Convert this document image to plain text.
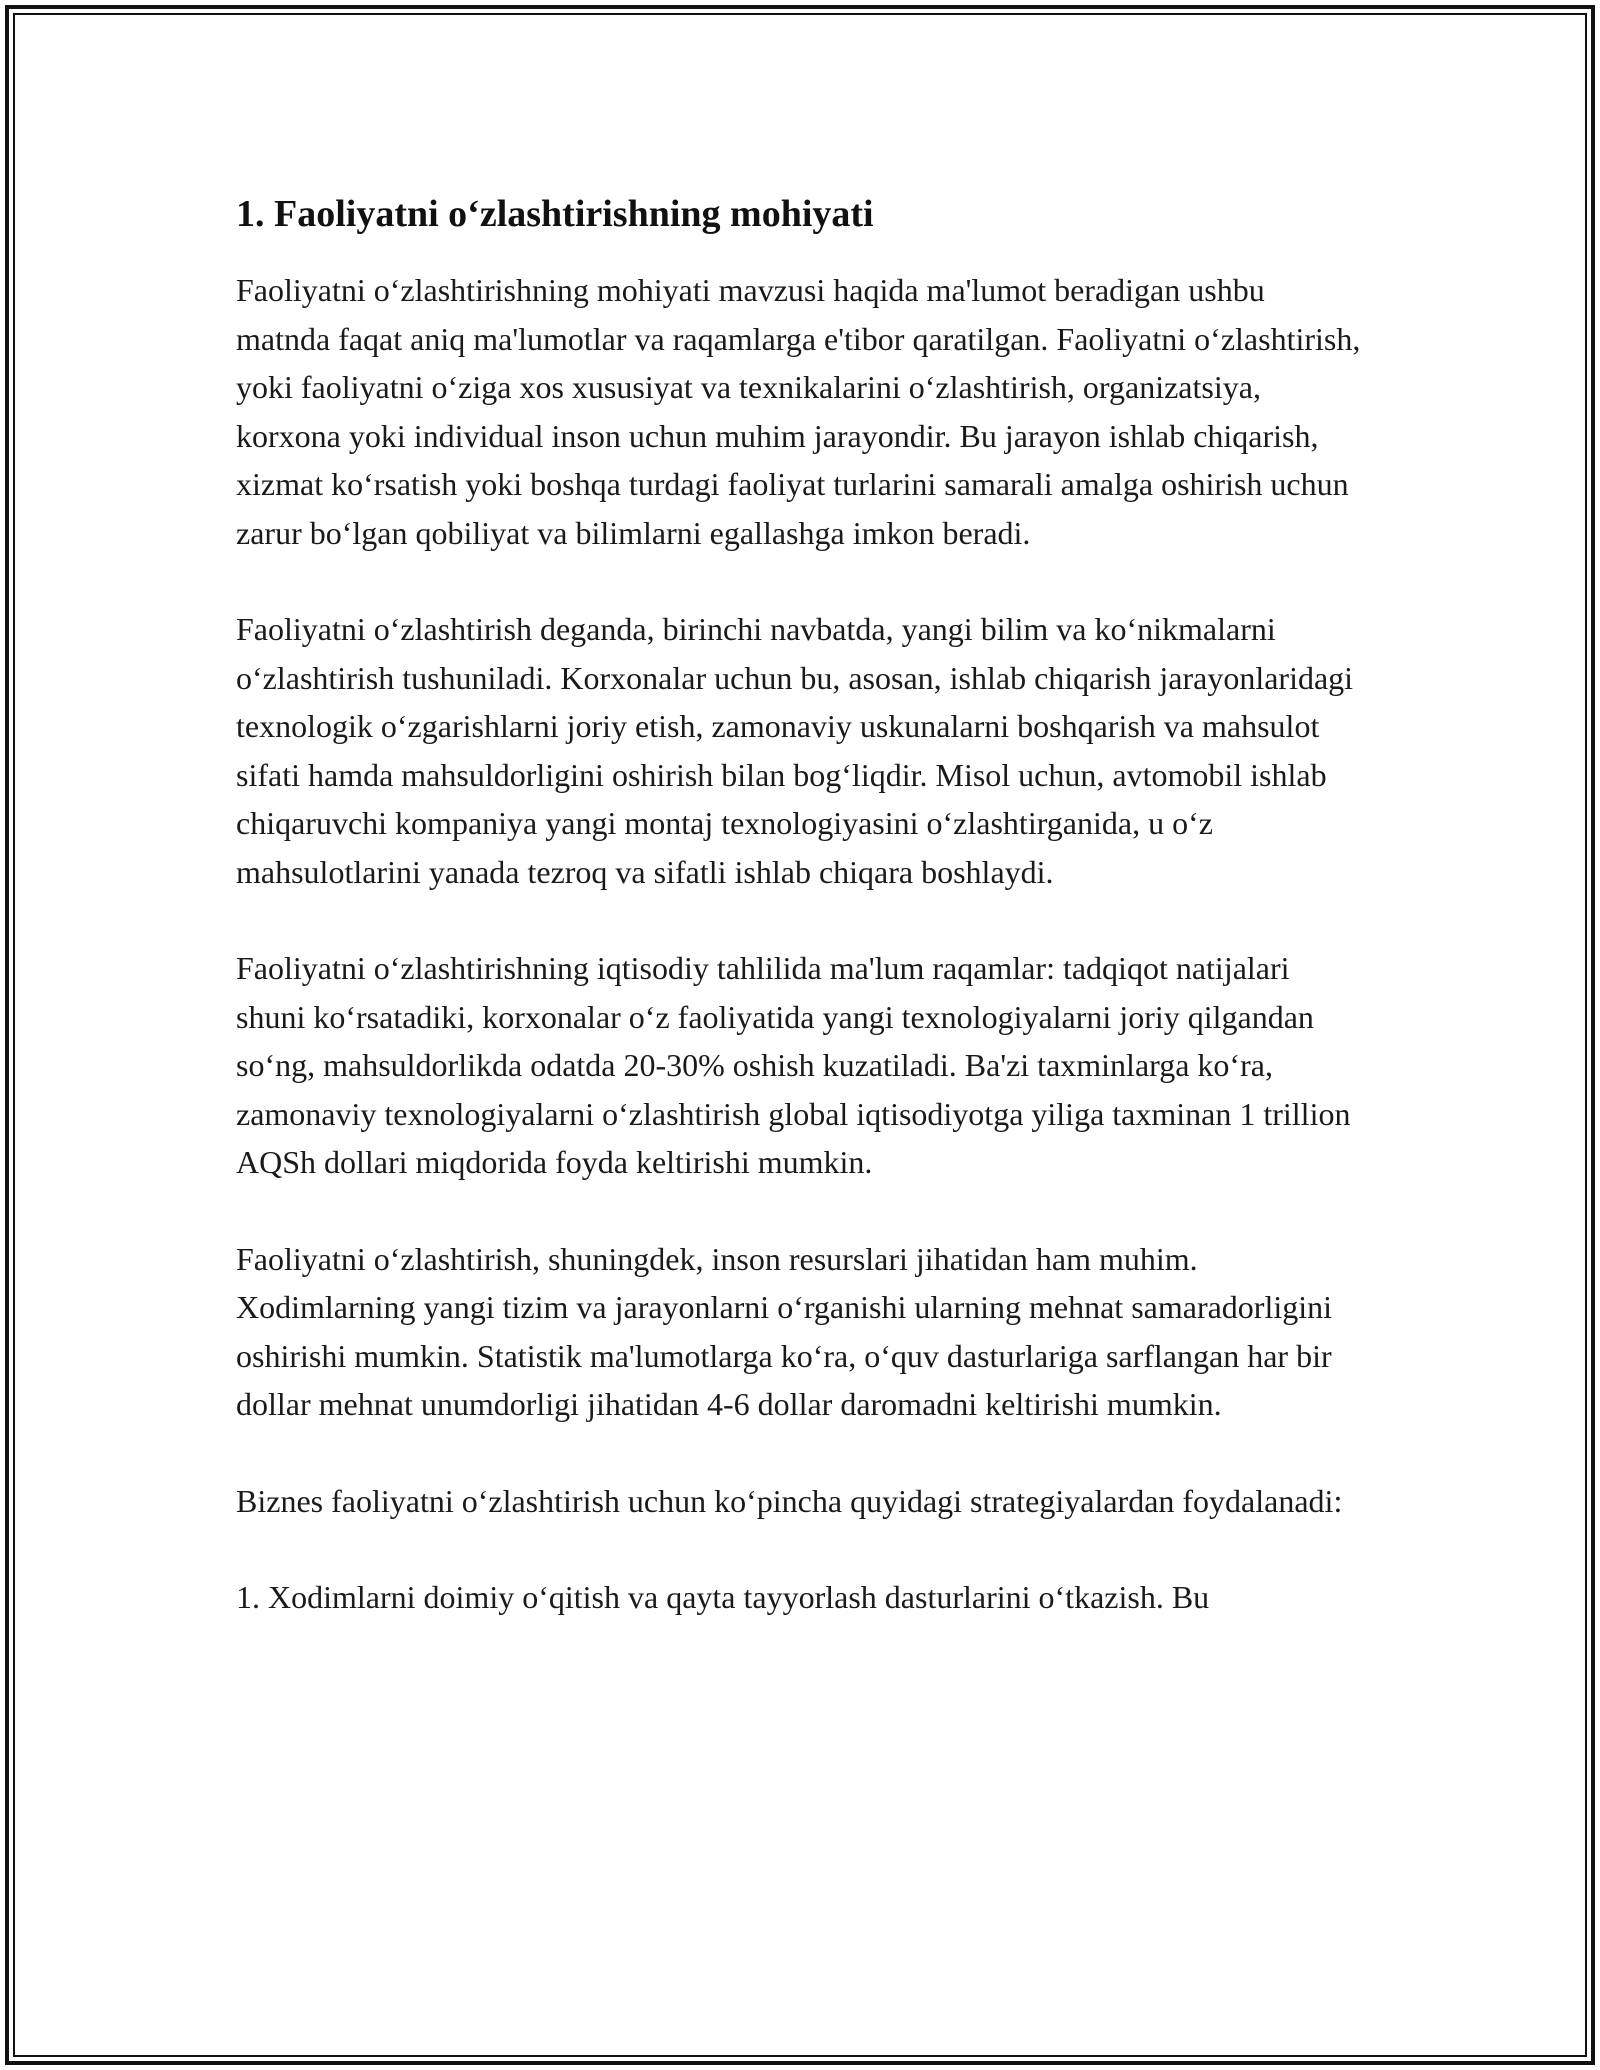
1. Faoliyatni o‘zlashtirishning mohiyati

Faoliyatni o‘zlashtirishning mohiyati mavzusi haqida ma'lumot beradigan ushbu matnda faqat aniq ma'lumotlar va raqamlarga e'tibor qaratilgan. Faoliyatni o‘zlashtirish, yoki faoliyatni o‘ziga xos xususiyat va texnikalarini o‘zlashtirish, organizatsiya, korxona yoki individual inson uchun muhim jarayondir. Bu jarayon ishlab chiqarish, xizmat ko‘rsatish yoki boshqa turdagi faoliyat turlarini samarali amalga oshirish uchun zarur bo‘lgan qobiliyat va bilimlarni egallashga imkon beradi.

Faoliyatni o‘zlashtirish deganda, birinchi navbatda, yangi bilim va ko‘nikmalarni o‘zlashtirish tushuniladi. Korxonalar uchun bu, asosan, ishlab chiqarish jarayonlaridagi texnologik o‘zgarishlarni joriy etish, zamonaviy uskunalarni boshqarish va mahsulot sifati hamda mahsuldorligini oshirish bilan bog‘liqdir. Misol uchun, avtomobil ishlab chiqaruvchi kompaniya yangi montaj texnologiyasini o‘zlashtirganida, u o‘z mahsulotlarini yanada tezroq va sifatli ishlab chiqara boshlaydi.

Faoliyatni o‘zlashtirishning iqtisodiy tahlilida ma'lum raqamlar: tadqiqot natijalari shuni ko‘rsatadiki, korxonalar o‘z faoliyatida yangi texnologiyalarni joriy qilgandan so‘ng, mahsuldorlikda odatda 20-30% oshish kuzatiladi. Ba'zi taxminlarga ko‘ra, zamonaviy texnologiyalarni o‘zlashtirish global iqtisodiyotga yiliga taxminan 1 trillion AQSh dollari miqdorida foyda keltirishi mumkin.

Faoliyatni o‘zlashtirish, shuningdek, inson resurslari jihatidan ham muhim. Xodimlarning yangi tizim va jarayonlarni o‘rganishi ularning mehnat samaradorligini oshirishi mumkin. Statistik ma'lumotlarga ko‘ra, o‘quv dasturlariga sarflangan har bir dollar mehnat unumdorligi jihatidan 4-6 dollar daromadni keltirishi mumkin.

Biznes faoliyatni o‘zlashtirish uchun ko‘pincha quyidagi strategiyalardan foydalanadi:

1. Xodimlarni doimiy o‘qitish va qayta tayyorlash dasturlarini o‘tkazish. Bu
